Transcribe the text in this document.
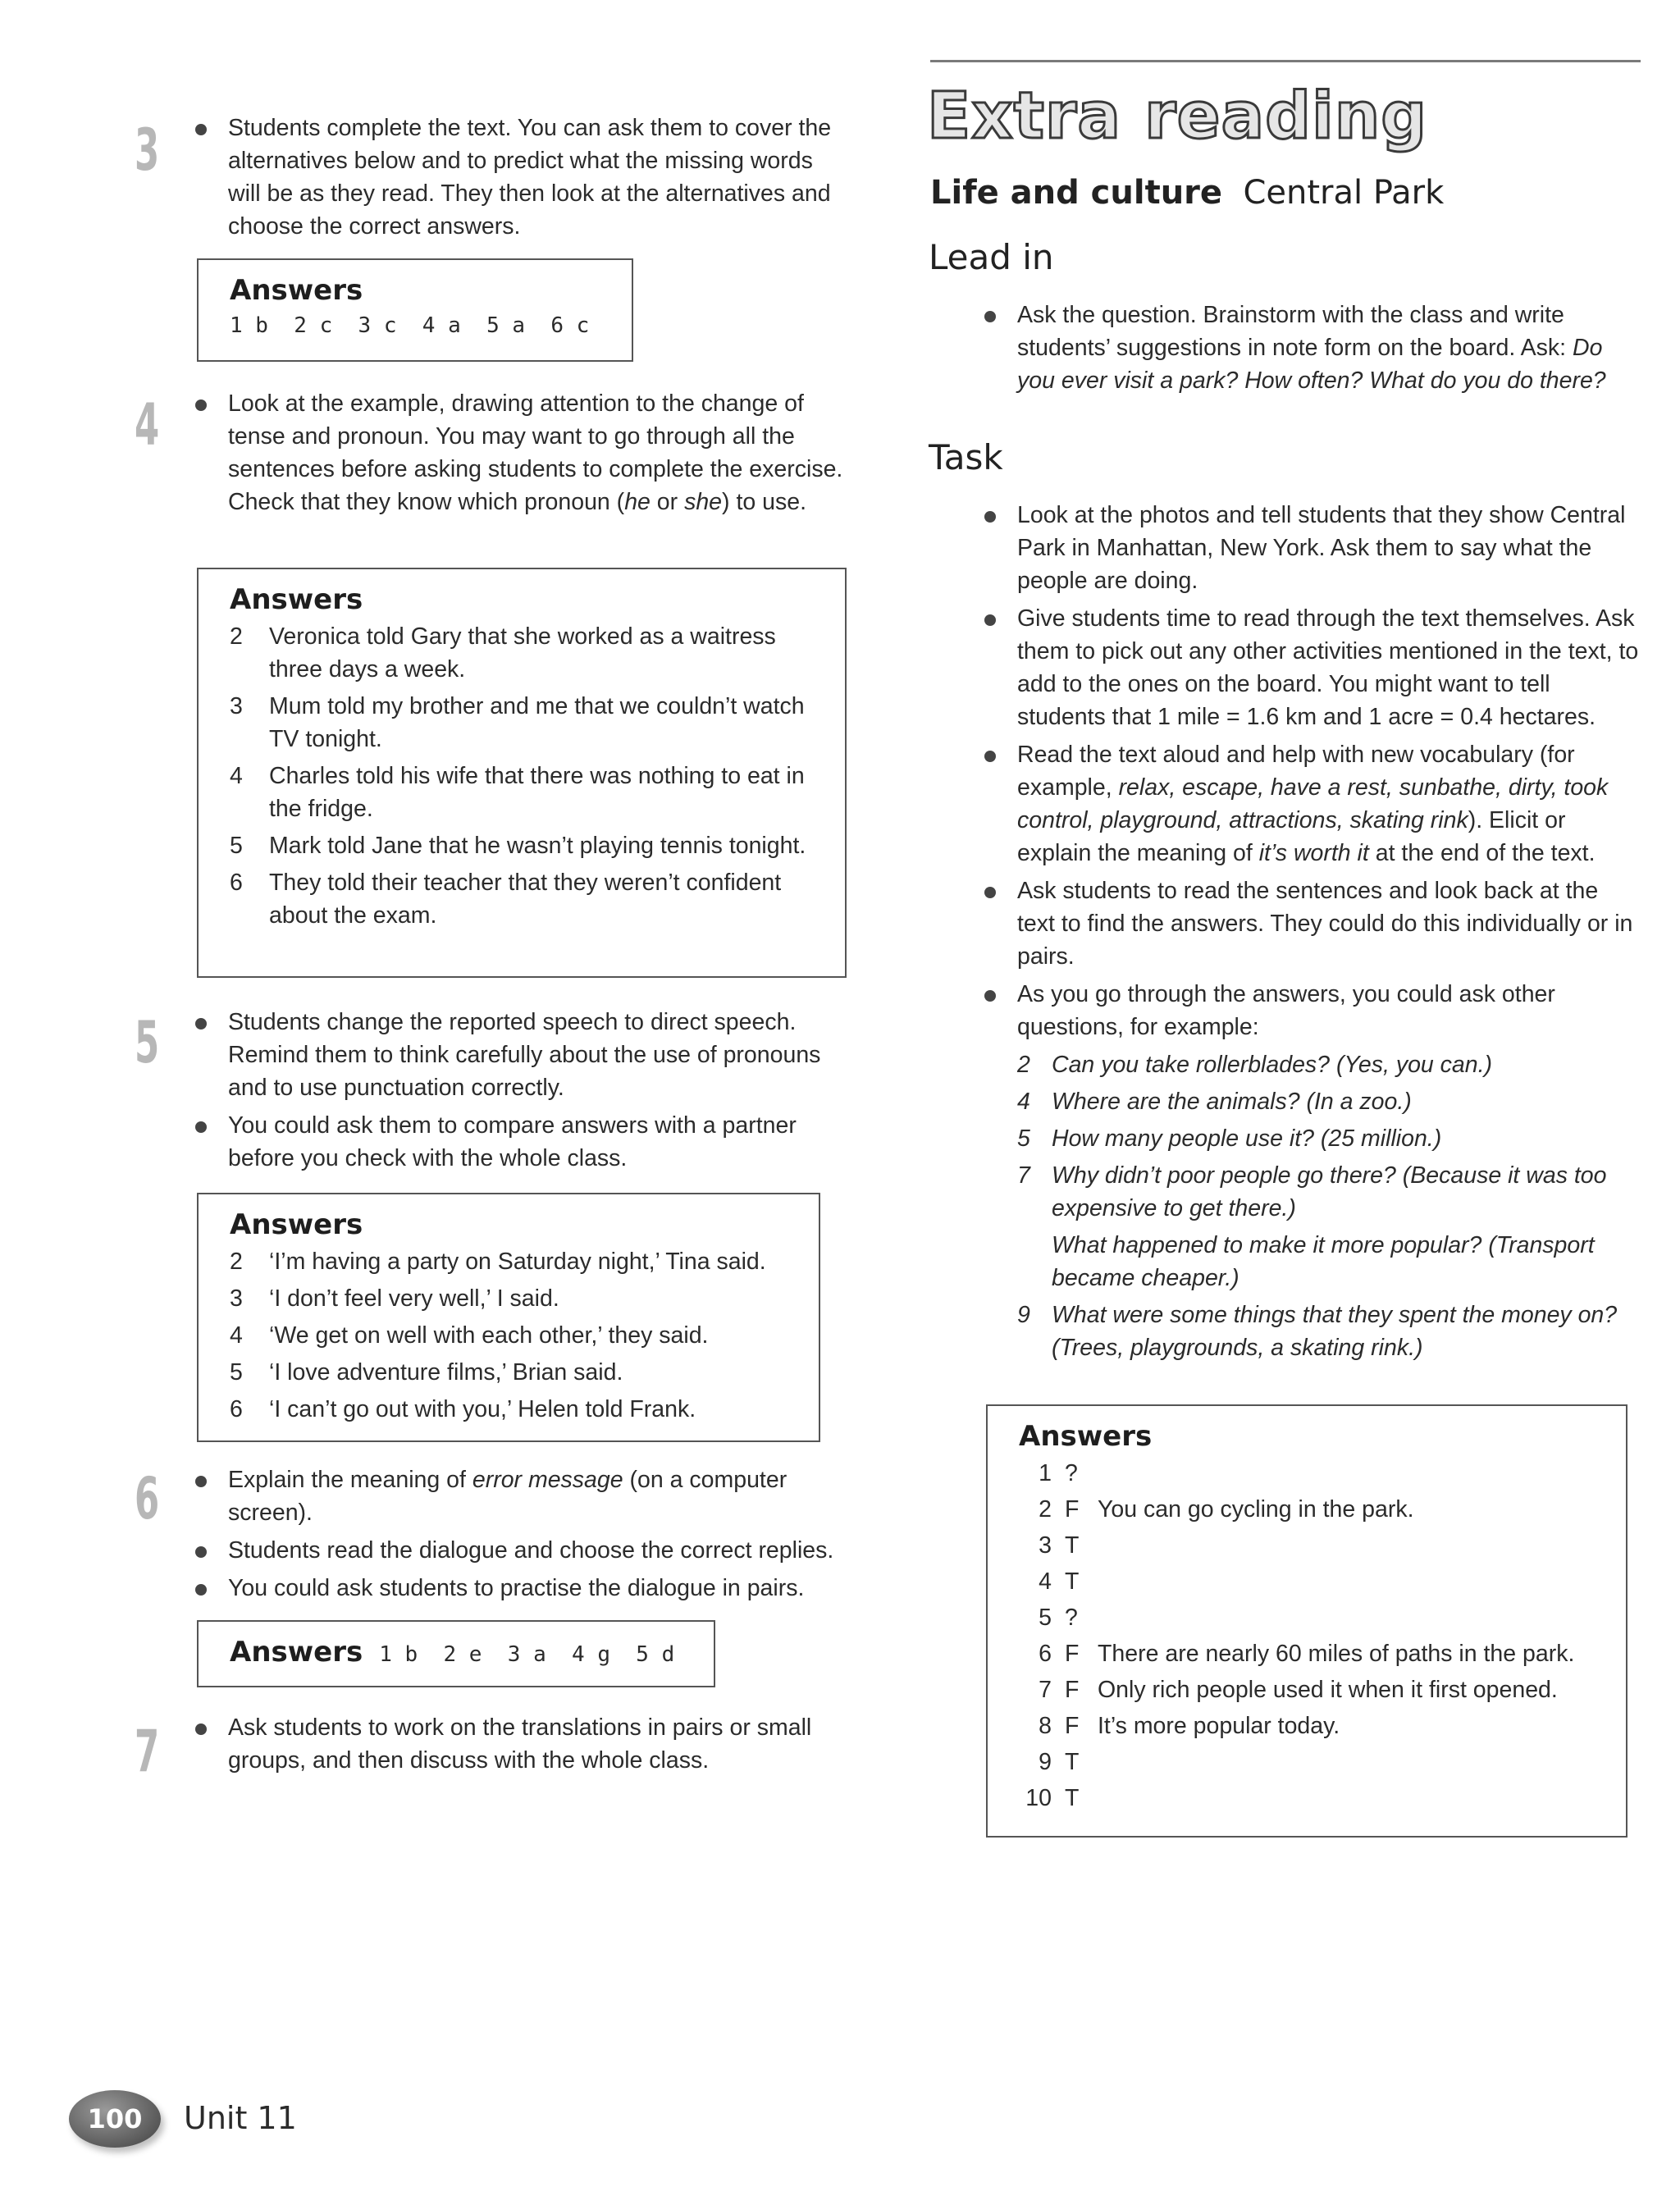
3	Students complete the text. You can ask them to cover the alternatives below and to predict what the missing words will be as they read. They then look at the alternatives and choose the correct answers.
Answers
1 b  2 c  3 c  4 a  5 a  6 c
4	Look at the example, drawing attention to the change of tense and pronoun. You may want to go through all the sentences before asking students to complete the exercise. Check that they know which pronoun (he or she) to use.
Answers
2	Veronica told Gary that she worked as a waitress three days a week.
3	Mum told my brother and me that we couldn’t watch TV tonight.
4	Charles told his wife that there was nothing to eat in the fridge.
5	Mark told Jane that he wasn’t playing tennis tonight.
6	They told their teacher that they weren’t confident about the exam.
5	Students change the reported speech to direct speech. Remind them to think carefully about the use of pronouns and to use punctuation correctly.
You could ask them to compare answers with a partner before you check with the whole class.
Answers
2	‘I’m having a party on Saturday night,’ Tina said.
3	‘I don’t feel very well,’ I said.
4	‘We get on well with each other,’ they said.
5	‘I love adventure films,’ Brian said.
6	‘I can’t go out with you,’ Helen told Frank.
6	Explain the meaning of error message (on a computer screen).
Students read the dialogue and choose the correct replies.
You could ask students to practise the dialogue in pairs.
Answers 1 b  2 e  3 a  4 g  5 d
7	Ask students to work on the translations in pairs or small groups, and then discuss with the whole class.
Extra reading
Life and culture Central Park
Lead in
Ask the question. Brainstorm with the class and write students’ suggestions in note form on the board. Ask: Do you ever visit a park? How often? What do you do there?
Task
Look at the photos and tell students that they show Central Park in Manhattan, New York. Ask them to say what the people are doing.
Give students time to read through the text themselves. Ask them to pick out any other activities mentioned in the text, to add to the ones on the board. You might want to tell students that 1 mile = 1.6 km and 1 acre = 0.4 hectares.
Read the text aloud and help with new vocabulary (for example, relax, escape, have a rest, sunbathe, dirty, took control, playground, attractions, skating rink). Elicit or explain the meaning of it’s worth it at the end of the text.
Ask students to read the sentences and look back at the text to find the answers. They could do this individually or in pairs.
As you go through the answers, you could ask other questions, for example:
2 Can you take rollerblades? (Yes, you can.)
4 Where are the animals? (In a zoo.)
5 How many people use it? (25 million.)
7 Why didn’t poor people go there? (Because it was too expensive to get there.)
What happened to make it more popular? (Transport became cheaper.)
9 What were some things that they spent the money on? (Trees, playgrounds, a skating rink.)
Answers
1 ?
2 F You can go cycling in the park.
3 T
4 T
5 ?
6 F There are nearly 60 miles of paths in the park.
7 F Only rich people used it when it first opened.
8 F It’s more popular today.
9 T
10 T
100	Unit 11
